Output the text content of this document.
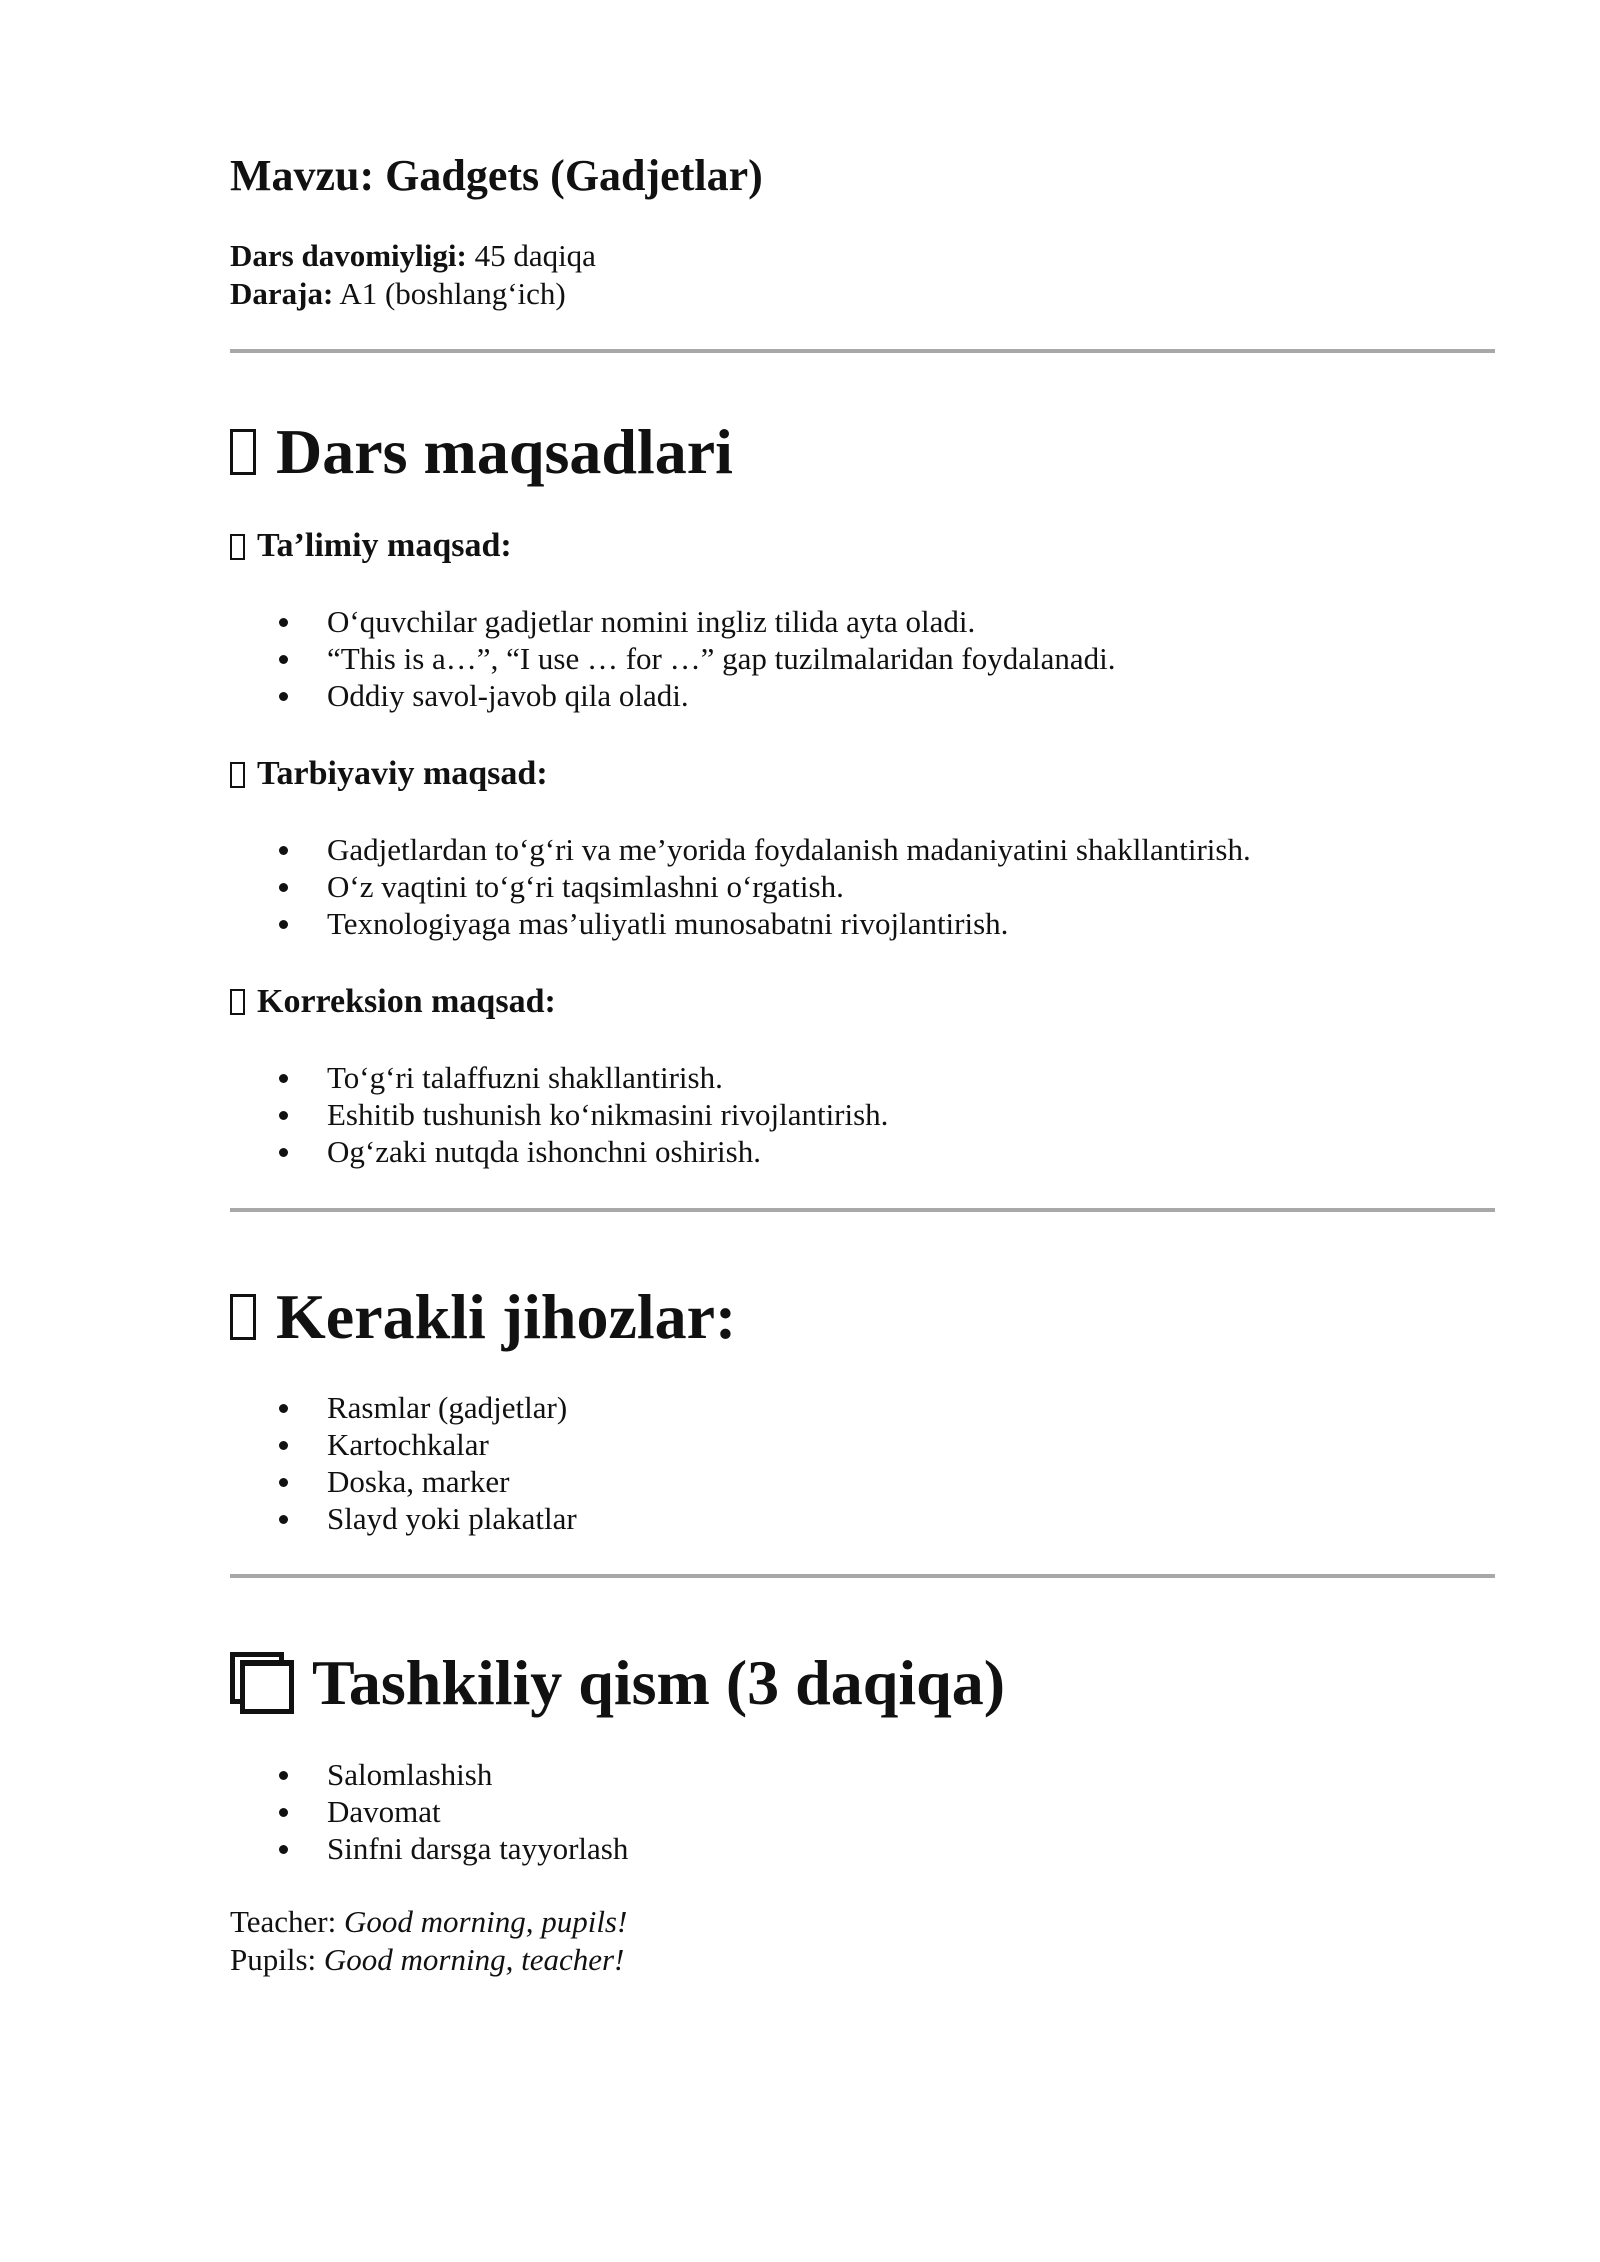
Mavzu: Gadgets (Gadjetlar)
Dars davomiyligi: 45 daqiqa
Daraja: A1 (boshlang‘ich)
Dars maqsadlari
Ta’limiy maqsad:
O‘quvchilar gadjetlar nomini ingliz tilida ayta oladi.
“This is a…”, “I use … for …” gap tuzilmalaridan foydalanadi.
Oddiy savol-javob qila oladi.
Tarbiyaviy maqsad:
Gadjetlardan to‘g‘ri va me’yorida foydalanish madaniyatini shakllantirish.
O‘z vaqtini to‘g‘ri taqsimlashni o‘rgatish.
Texnologiyaga mas’uliyatli munosabatni rivojlantirish.
Korreksion maqsad:
To‘g‘ri talaffuzni shakllantirish.
Eshitib tushunish ko‘nikmasini rivojlantirish.
Og‘zaki nutqda ishonchni oshirish.
Kerakli jihozlar:
Rasmlar (gadjetlar)
Kartochkalar
Doska, marker
Slayd yoki plakatlar
Tashkiliy qism (3 daqiqa)
Salomlashish
Davomat
Sinfni darsga tayyorlash
Teacher: Good morning, pupils!
Pupils: Good morning, teacher!
